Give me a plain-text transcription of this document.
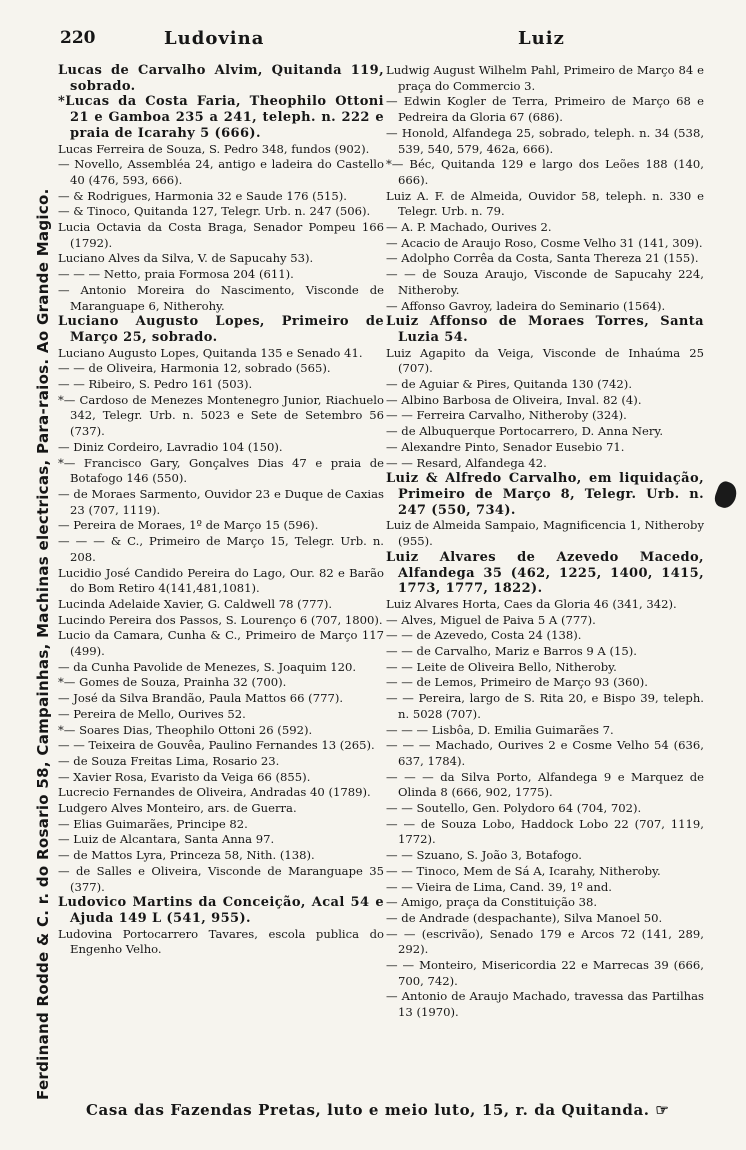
220	Ludovina	Luiz
Ferdinand Rodde & C. r. do Rosario 58, Campainhas, Machinas electricas, Para-raios. Ao Grande Magico.
Lucas de Carvalho Alvim, Quitanda 119, sobrado.
*Lucas da Costa Faria, Theophilo Ottoni 21 e Gamboa 235 a 241, teleph. n. 222 e praia de Icarahy 5 (666).
Lucas Ferreira de Souza, S. Pedro 348, fundos (902).
— Novello, Assembléa 24, antigo e ladeira do Castello 40 (476, 593, 666).
— & Rodrigues, Harmonia 32 e Saude 176 (515).
— & Tinoco, Quitanda 127, Telegr. Urb. n. 247 (506).
Lucia Octavia da Costa Braga, Senador Pompeu 166 (1792).
Luciano Alves da Silva, V. de Sapucahy 53).
— — — Netto, praia Formosa 204 (611).
— Antonio Moreira do Nascimento, Visconde de Maranguape 6, Nitherohy.
Luciano Augusto Lopes, Primeiro de Março 25, sobrado.
Luciano Augusto Lopes, Quitanda 135 e Senado 41.
— — de Oliveira, Harmonia 12, sobrado (565).
— — Ribeiro, S. Pedro 161 (503).
*— Cardoso de Menezes Montenegro Junior, Riachuelo 342, Telegr. Urb. n. 5023 e Sete de Setembro 56 (737).
— Diniz Cordeiro, Lavradio 104 (150).
*— Francisco Gary, Gonçalves Dias 47 e praia de Botafogo 146 (550).
— de Moraes Sarmento, Ouvidor 23 e Duque de Caxias 23 (707, 1119).
— Pereira de Moraes, 1º de Março 15 (596).
— — — & C., Primeiro de Março 15, Telegr. Urb. n. 208.
Lucidio José Candido Pereira do Lago, Our. 82 e Barão do Bom Retiro 4(141,481,1081).
Lucinda Adelaide Xavier, G. Caldwell 78 (777).
Lucindo Pereira dos Passos, S. Lourenço 6 (707, 1800).
Lucio da Camara, Cunha & C., Primeiro de Março 117 (499).
— da Cunha Pavolide de Menezes, S. Joaquim 120.
*— Gomes de Souza, Prainha 32 (700).
— José da Silva Brandão, Paula Mattos 66 (777).
— Pereira de Mello, Ourives 52.
*— Soares Dias, Theophilo Ottoni 26 (592).
— — Teixeira de Gouvêa, Paulino Fernandes 13 (265).
— de Souza Freitas Lima, Rosario 23.
— Xavier Rosa, Evaristo da Veiga 66 (855).
Lucrecio Fernandes de Oliveira, Andradas 40 (1789).
Ludgero Alves Monteiro, ars. de Guerra.
— Elias Guimarães, Principe 82.
— Luiz de Alcantara, Santa Anna 97.
— de Mattos Lyra, Princeza 58, Nith. (138).
— de Salles e Oliveira, Visconde de Maranguape 35 (377).
Ludovico Martins da Conceição, Acal 54 e Ajuda 149 L (541, 955).
Ludovina Portocarrero Tavares, escola publica do Engenho Velho.
Ludwig August Wilhelm Pahl, Primeiro de Março 84 e praça do Commercio 3.
— Edwin Kogler de Terra, Primeiro de Março 68 e Pedreira da Gloria 67 (686).
— Honold, Alfandega 25, sobrado, teleph. n. 34 (538, 539, 540, 579, 462a, 666).
*— Béc, Quitanda 129 e largo dos Leões 188 (140, 666).
Luiz A. F. de Almeida, Ouvidor 58, teleph. n. 330 e Telegr. Urb. n. 79.
— A. P. Machado, Ourives 2.
— Acacio de Araujo Roso, Cosme Velho 31 (141, 309).
— Adolpho Corrêa da Costa, Santa Thereza 21 (155).
— — de Souza Araujo, Visconde de Sapucahy 224, Nitheroby.
— Affonso Gavroy, ladeira do Seminario (1564).
Luiz Affonso de Moraes Torres, Santa Luzia 54.
Luiz Agapito da Veiga, Visconde de Inhaúma 25 (707).
— de Aguiar & Pires, Quitanda 130 (742).
— Albino Barbosa de Oliveira, Inval. 82 (4).
— — Ferreira Carvalho, Nitheroby (324).
— de Albuquerque Portocarrero, D. Anna Nery.
— Alexandre Pinto, Senador Eusebio 71.
— — Resard, Alfandega 42.
Luiz & Alfredo Carvalho, em liquidação, Primeiro de Março 8, Telegr. Urb. n. 247 (550, 734).
Luiz de Almeida Sampaio, Magnificencia 1, Nitheroby (955).
Luiz Alvares de Azevedo Macedo, Alfandega 35 (462, 1225, 1400, 1415, 1773, 1777, 1822).
Luiz Alvares Horta, Caes da Gloria 46 (341, 342).
— Alves, Miguel de Paiva 5 A (777).
— — de Azevedo, Costa 24 (138).
— — de Carvalho, Mariz e Barros 9 A (15).
— — Leite de Oliveira Bello, Nitheroby.
— — de Lemos, Primeiro de Março 93 (360).
— — Pereira, largo de S. Rita 20, e Bispo 39, teleph. n. 5028 (707).
— — — Lisbôa, D. Emilia Guimarães 7.
— — — Machado, Ourives 2 e Cosme Velho 54 (636, 637, 1784).
— — — da Silva Porto, Alfandega 9 e Marquez de Olinda 8 (666, 902, 1775).
— — Soutello, Gen. Polydoro 64 (704, 702).
— — de Souza Lobo, Haddock Lobo 22 (707, 1119, 1772).
— — Szuano, S. João 3, Botafogo.
— — Tinoco, Mem de Sá A, Icarahy, Nitheroby.
— — Vieira de Lima, Cand. 39, 1º and.
— Amigo, praça da Constituição 38.
— de Andrade (despachante), Silva Manoel 50.
— — (escrivão), Senado 179 e Arcos 72 (141, 289, 292).
— — Monteiro, Misericordia 22 e Marrecas 39 (666, 700, 742).
— Antonio de Araujo Machado, travessa das Partilhas 13 (1970).
Casa das Fazendas Pretas, luto e meio luto, 15, r. da Quitanda. ☞
